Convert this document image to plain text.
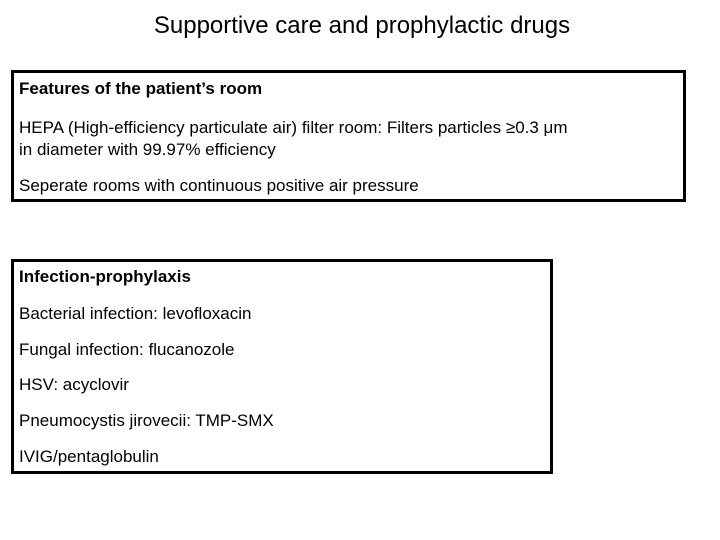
Supportive care and prophylactic drugs
Features of the patient’s room
HEPA (High-efficiency particulate air) filter room: Filters particles ≥0.3 μm
in diameter with 99.97% efficiency
Seperate rooms with continuous positive air pressure
Infection-prophylaxis
Bacterial infection: levofloxacin
Fungal infection: flucanozole
HSV: acyclovir
Pneumocystis jirovecii: TMP-SMX
IVIG/pentaglobulin
